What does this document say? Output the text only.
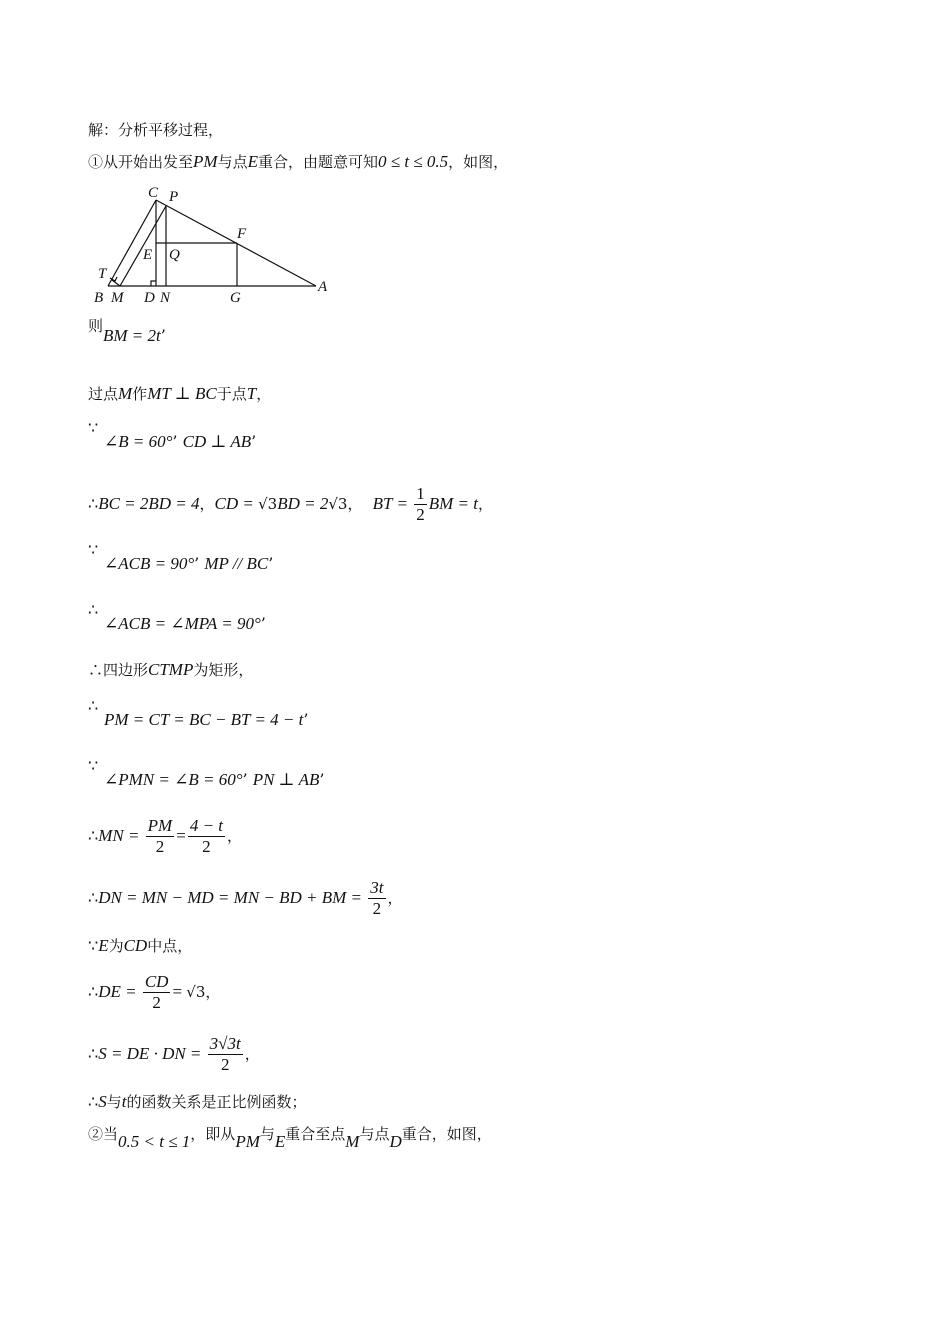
解：分析平移过程，
①从开始出发至PM与点E重合，由题意可知0 ≤ t ≤ 0.5，如图，
C P
F
E Q
T
B M D N	G
A
则BM = 2t’
过点M作MT ⊥ BC于点T，
∵
∠B = 60°’ CD ⊥ AB’
∴BC = 2BD = 4，CD = √3BD = 2√3， BT = $\frac{1}{2}$ BM = t，
∵
∠ACB = 90°’ MP // BC’
∴
∠ACB = ∠MPA = 90°’
∴四边形CTMP为矩形，
∴
PM = CT = BC − BT = 4 − t’
∵
∠PMN = ∠B = 60°’ PN ⊥ AB’
∴MN = $\frac{PM}{2} = \frac{4 - t}{2}$ ，
∴DN = MN − MD = MN − BD + BM = $\frac{3t}{2}$ ，
∵E为CD中点，
∴DE = $\frac{CD}{2} = √3$，
∴S = DE · DN = $\frac{3√3t}{2}$ ，
∴S与t的函数关系是正比例函数；
②当0.5 < t ≤ 1，即从PM与E重合至点M与点D重合，如图，
